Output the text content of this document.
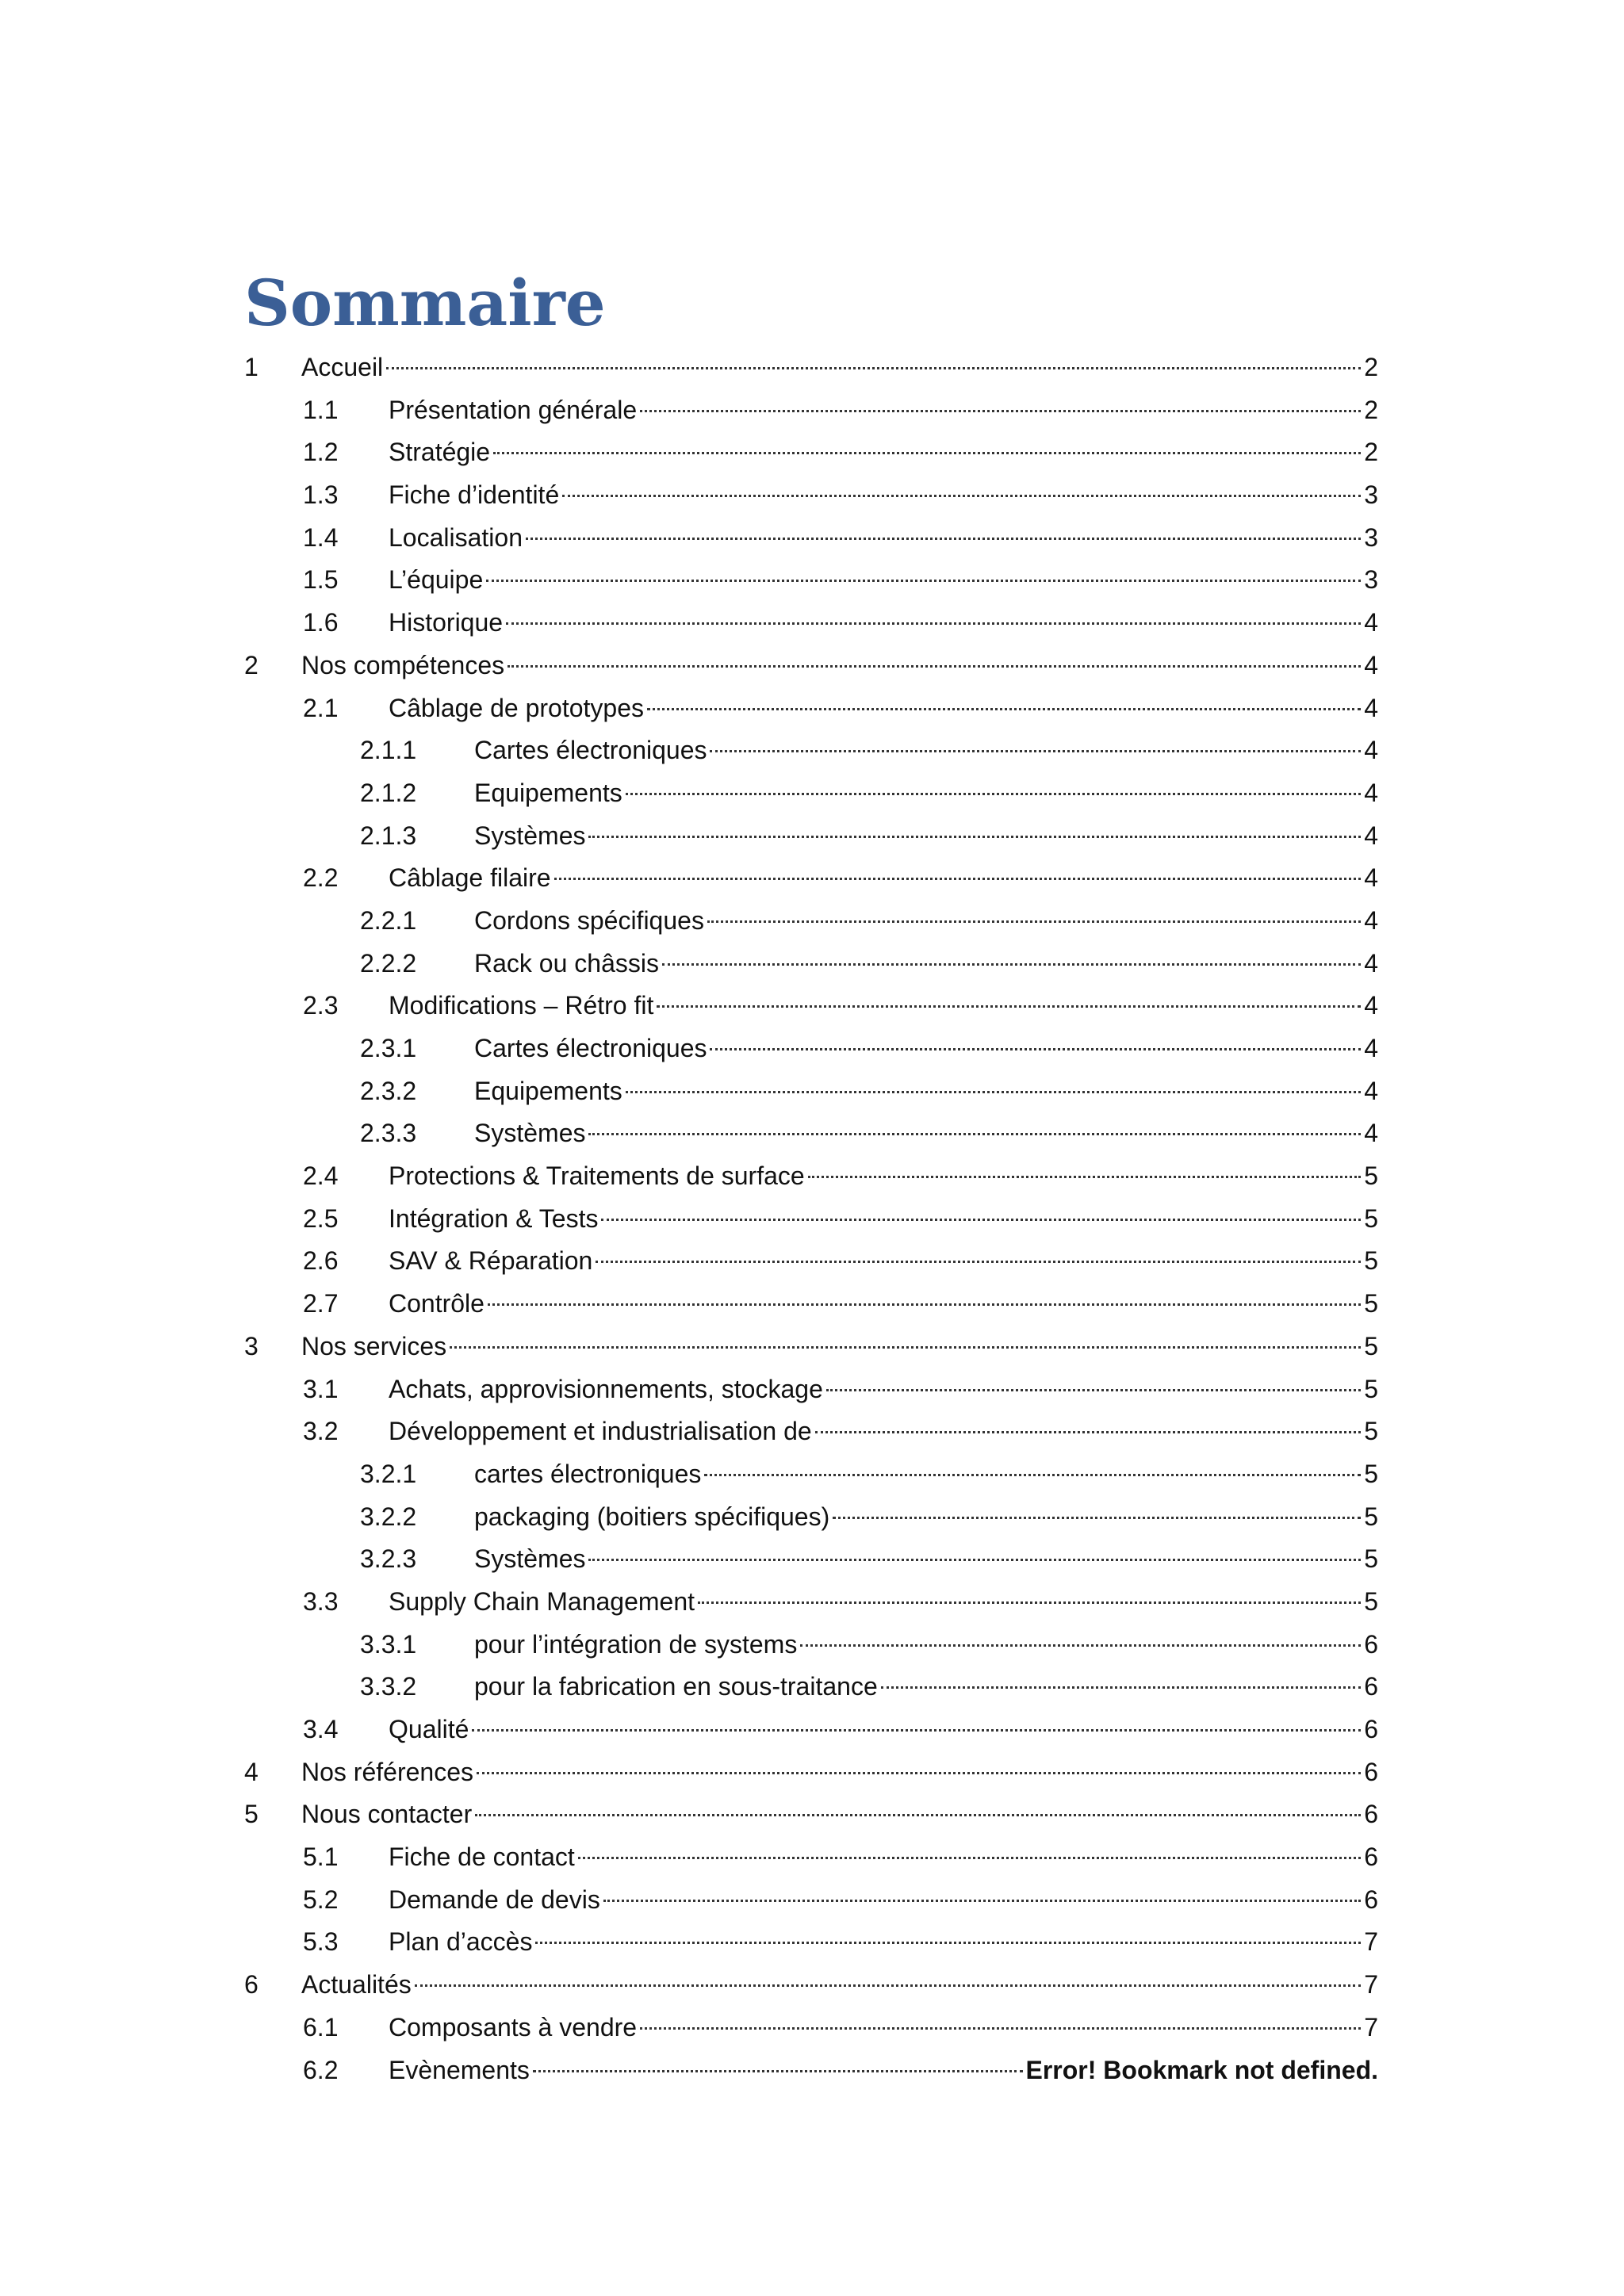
Sommaire
1	Accueil	2
1.1	Présentation générale	2
1.2	Stratégie	2
1.3	Fiche d’identité	3
1.4	Localisation	3
1.5	L’équipe	3
1.6	Historique	4
2	Nos compétences	4
2.1	Câblage de prototypes	4
2.1.1	Cartes électroniques	4
2.1.2	Equipements	4
2.1.3	Systèmes	4
2.2	Câblage filaire	4
2.2.1	Cordons spécifiques	4
2.2.2	Rack ou châssis	4
2.3	Modifications – Rétro fit	4
2.3.1	Cartes électroniques	4
2.3.2	Equipements	4
2.3.3	Systèmes	4
2.4	Protections & Traitements de surface	5
2.5	Intégration & Tests	5
2.6	SAV & Réparation	5
2.7	Contrôle	5
3	Nos services	5
3.1	Achats, approvisionnements, stockage	5
3.2	Développement et industrialisation de	5
3.2.1	cartes électroniques	5
3.2.2	packaging (boitiers spécifiques)	5
3.2.3	Systèmes	5
3.3	Supply Chain Management	5
3.3.1	pour l’intégration de systems	6
3.3.2	pour la fabrication en sous-traitance	6
3.4	Qualité	6
4	Nos références	6
5	Nous contacter	6
5.1	Fiche de contact	6
5.2	Demande de devis	6
5.3	Plan d’accès	7
6	Actualités	7
6.1	Composants à vendre	7
6.2	Evènements	Error! Bookmark not defined.
